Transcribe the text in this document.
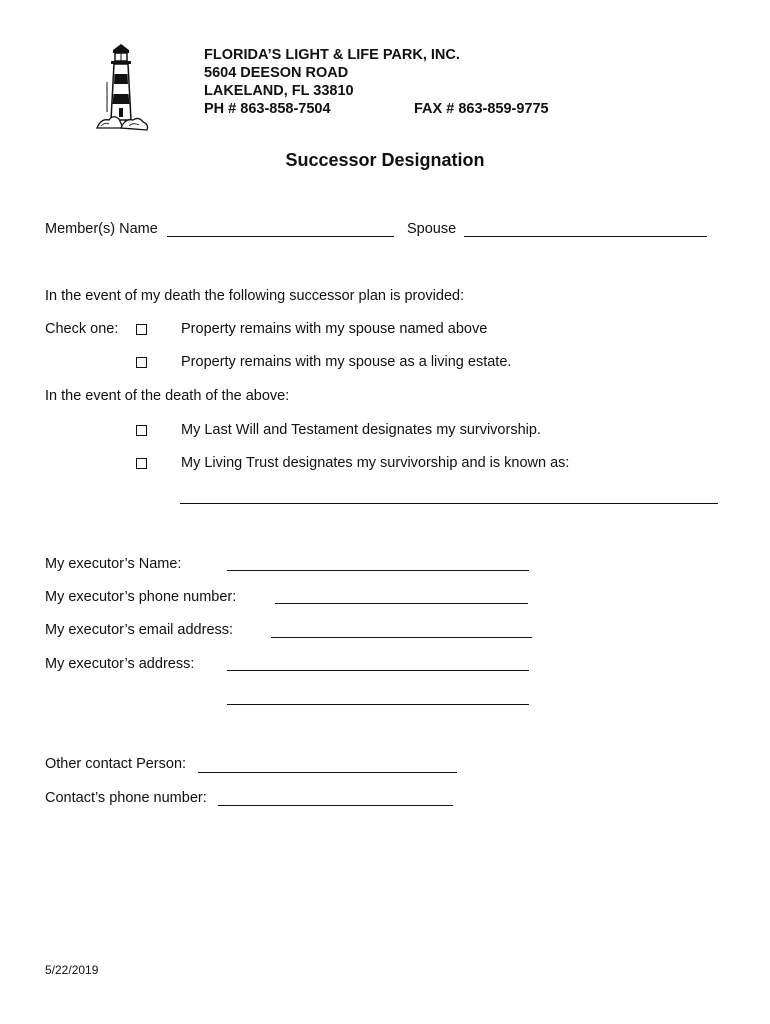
FLORIDA’S LIGHT & LIFE PARK, INC.
5604 DEESON ROAD
LAKELAND, FL 33810
PH # 863-858-7504	FAX # 863-859-9775
Successor Designation
Member(s) Name	Spouse
In the event of my death the following successor plan is provided:
Check one:	Property remains with my spouse named above
Property remains with my spouse as a living estate.
In the event of the death of the above:
My Last Will and Testament designates my survivorship.
My Living Trust designates my survivorship and is known as:
My executor’s Name:
My executor’s phone number:
My executor’s email address:
My executor’s address:
Other contact Person:
Contact’s phone number:
5/22/2019
